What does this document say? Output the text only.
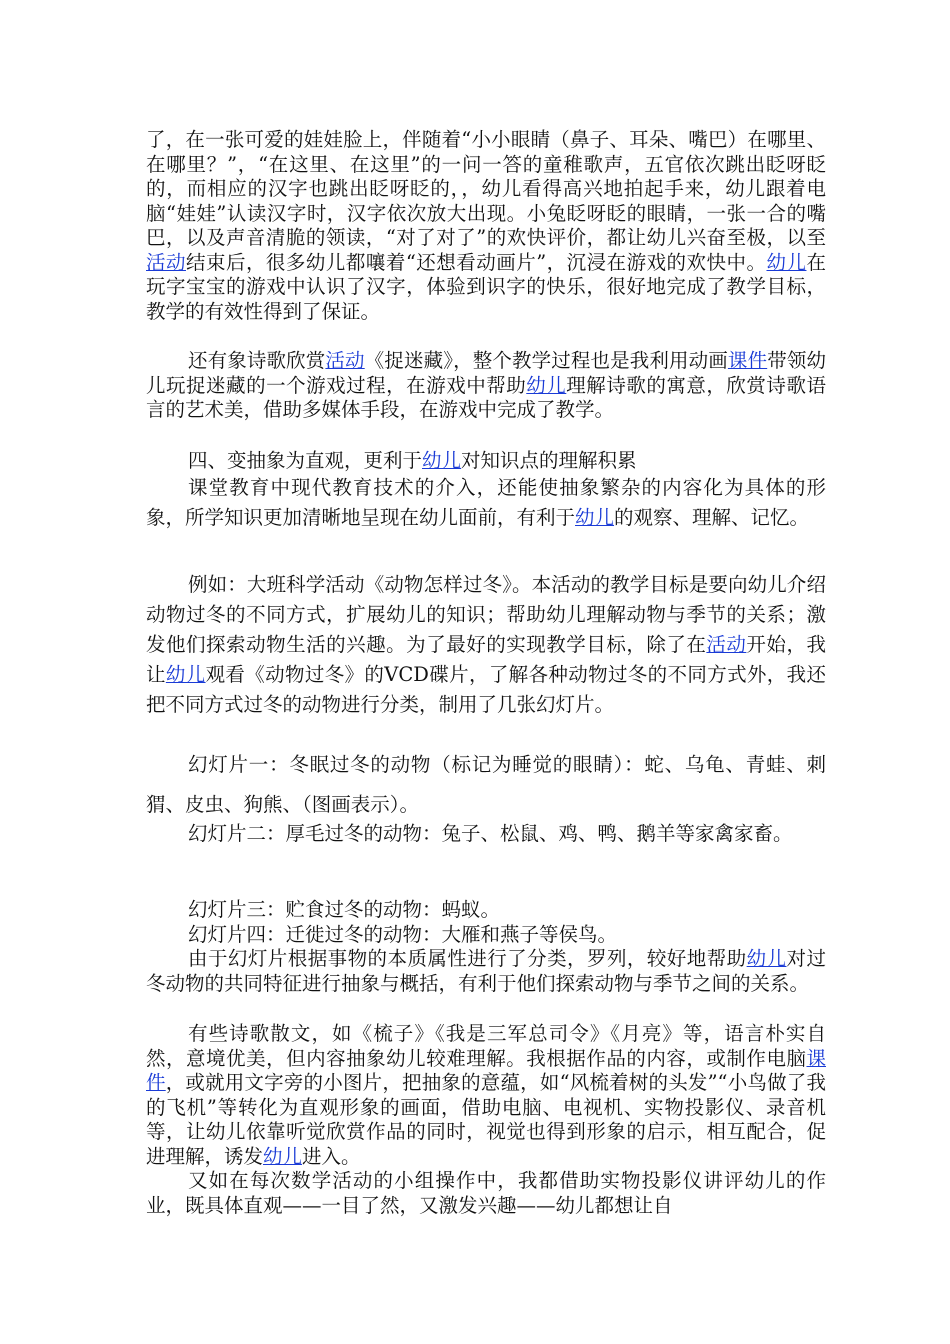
了，在一张可爱的娃娃脸上，伴随着“小小眼睛（鼻子、耳朵、嘴巴）在哪里、在哪里？”，“在这里、在这里”的一问一答的童稚歌声，五官依次跳出眨呀眨的，而相应的汉字也跳出眨呀眨的，，幼儿看得高兴地拍起手来，幼儿跟着电脑“娃娃”认读汉字时，汉字依次放大出现。小兔眨呀眨的眼睛，一张一合的嘴巴，以及声音清脆的领读，“对了对了”的欢快评价，都让幼儿兴奋至极，以至活动结束后，很多幼儿都嚷着“还想看动画片”，沉浸在游戏的欢快中。幼儿在玩字宝宝的游戏中认识了汉字，体验到识字的快乐，很好地完成了教学目标，教学的有效性得到了保证。

还有象诗歌欣赏活动《捉迷藏》，整个教学过程也是我利用动画课件带领幼儿玩捉迷藏的一个游戏过程，在游戏中帮助幼儿理解诗歌的寓意，欣赏诗歌语言的艺术美，借助多媒体手段，在游戏中完成了教学。

四、变抽象为直观，更利于幼儿对知识点的理解积累

课堂教育中现代教育技术的介入，还能使抽象繁杂的内容化为具体的形象，所学知识更加清晰地呈现在幼儿面前，有利于幼儿的观察、理解、记忆。

例如：大班科学活动《动物怎样过冬》。本活动的教学目标是要向幼儿介绍动物过冬的不同方式，扩展幼儿的知识；帮助幼儿理解动物与季节的关系；激发他们探索动物生活的兴趣。为了最好的实现教学目标，除了在活动开始，我让幼儿观看《动物过冬》的VCD碟片，了解各种动物过冬的不同方式外，我还把不同方式过冬的动物进行分类，制用了几张幻灯片。

幻灯片一：冬眠过冬的动物（标记为睡觉的眼睛）：蛇、乌龟、青蛙、刺猬、皮虫、狗熊、（图画表示）。

幻灯片二：厚毛过冬的动物：兔子、松鼠、鸡、鸭、鹅羊等家禽家畜。

幻灯片三：贮食过冬的动物：蚂蚁。

幻灯片四：迁徙过冬的动物：大雁和燕子等侯鸟。

由于幻灯片根据事物的本质属性进行了分类，罗列，较好地帮助幼儿对过冬动物的共同特征进行抽象与概括，有利于他们探索动物与季节之间的关系。

有些诗歌散文，如《梳子》《我是三军总司令》《月亮》等，语言朴实自然，意境优美，但内容抽象幼儿较难理解。我根据作品的内容，或制作电脑课件，或就用文字旁的小图片，把抽象的意蕴，如“风梳着树的头发”“小鸟做了我的飞机”等转化为直观形象的画面，借助电脑、电视机、实物投影仪、录音机等，让幼儿依靠听觉欣赏作品的同时，视觉也得到形象的启示，相互配合，促进理解，诱发幼儿进入。

又如在每次数学活动的小组操作中，我都借助实物投影仪讲评幼儿的作业，既具体直观——一目了然，又激发兴趣——幼儿都想让自
